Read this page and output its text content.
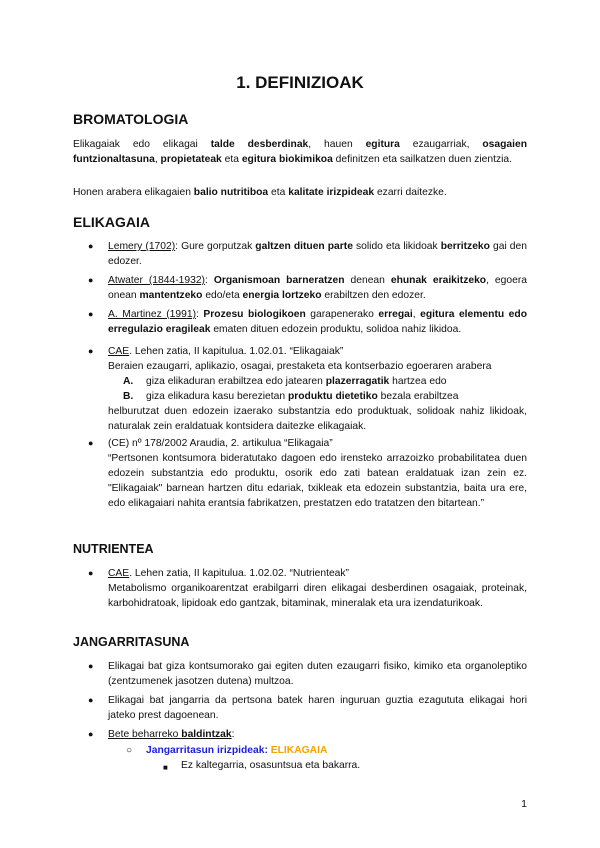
1. DEFINIZIOAK
BROMATOLOGIA
Elikagaiak edo elikagai talde desberdinak, hauen egitura ezaugarriak, osagaien funtzionaltasuna, propietateak eta egitura biokimikoa definitzen eta sailkatzen duen zientzia.
Honen arabera elikagaien balio nutritiboa eta kalitate irizpideak ezarri daitezke.
ELIKAGAIA
● Lemery (1702): Gure gorputzak galtzen dituen parte solido eta likidoak berritzeko gai den edozer.
● Atwater (1844-1932): Organismoan barneratzen denean ehunak eraikitzeko, egoera onean mantentzeko edo/eta energia lortzeko erabiltzen den edozer.
● A. Martinez (1991): Prozesu biologikoen garapenerako erregai, egitura elementu edo erregulazio eragileak ematen dituen edozein produktu, solidoa nahiz likidoa.
● CAE. Lehen zatia, II kapitulua. 1.02.01. “Elikagaiak”
Beraien ezaugarri, aplikazio, osagai, prestaketa eta kontserbazio egoeraren arabera
A. giza elikaduran erabiltzea edo jatearen plazerragatik hartzea edo
B. giza elikadura kasu berezietan produktu dietetiko bezala erabiltzea
helburutzat duen edozein izaerako substantzia edo produktuak, solidoak nahiz likidoak, naturalak zein eraldatuak kontsidera daitezke elikagaiak.
● (CE) nº 178/2002 Araudia, 2. artikulua “Elikagaia”
“Pertsonen kontsumora bideratutako dagoen edo irensteko arrazoizko probabilitatea duen edozein substantzia edo produktu, osorik edo zati batean eraldatuak izan zein ez. "Elikagaiak" barnean hartzen ditu edariak, txikleak eta edozein substantzia, baita ura ere, edo elikagaiari nahita erantsia fabrikatzen, prestatzen edo tratatzen den bitartean.”
NUTRIENTEA
● CAE. Lehen zatia, II kapitulua. 1.02.02. “Nutrienteak”
Metabolismo organikoarentzat erabilgarri diren elikagai desberdinen osagaiak, proteinak, karbohidratoak, lipidoak edo gantzak, bitaminak, mineralak eta ura izendaturikoak.
JANGARRITASUNA
● Elikagai bat giza kontsumorako gai egiten duten ezaugarri fisiko, kimiko eta organoleptiko (zentzumenek jasotzen dutena) multzoa.
● Elikagai bat jangarria da pertsona batek haren inguruan guztia ezagututa elikagai hori jateko prest dagoenean.
● Bete beharreko baldintzak:
○ Jangarritasun irizpideak: ELIKAGAIA
■ Ez kaltegarria, osasuntsua eta bakarra.
1
